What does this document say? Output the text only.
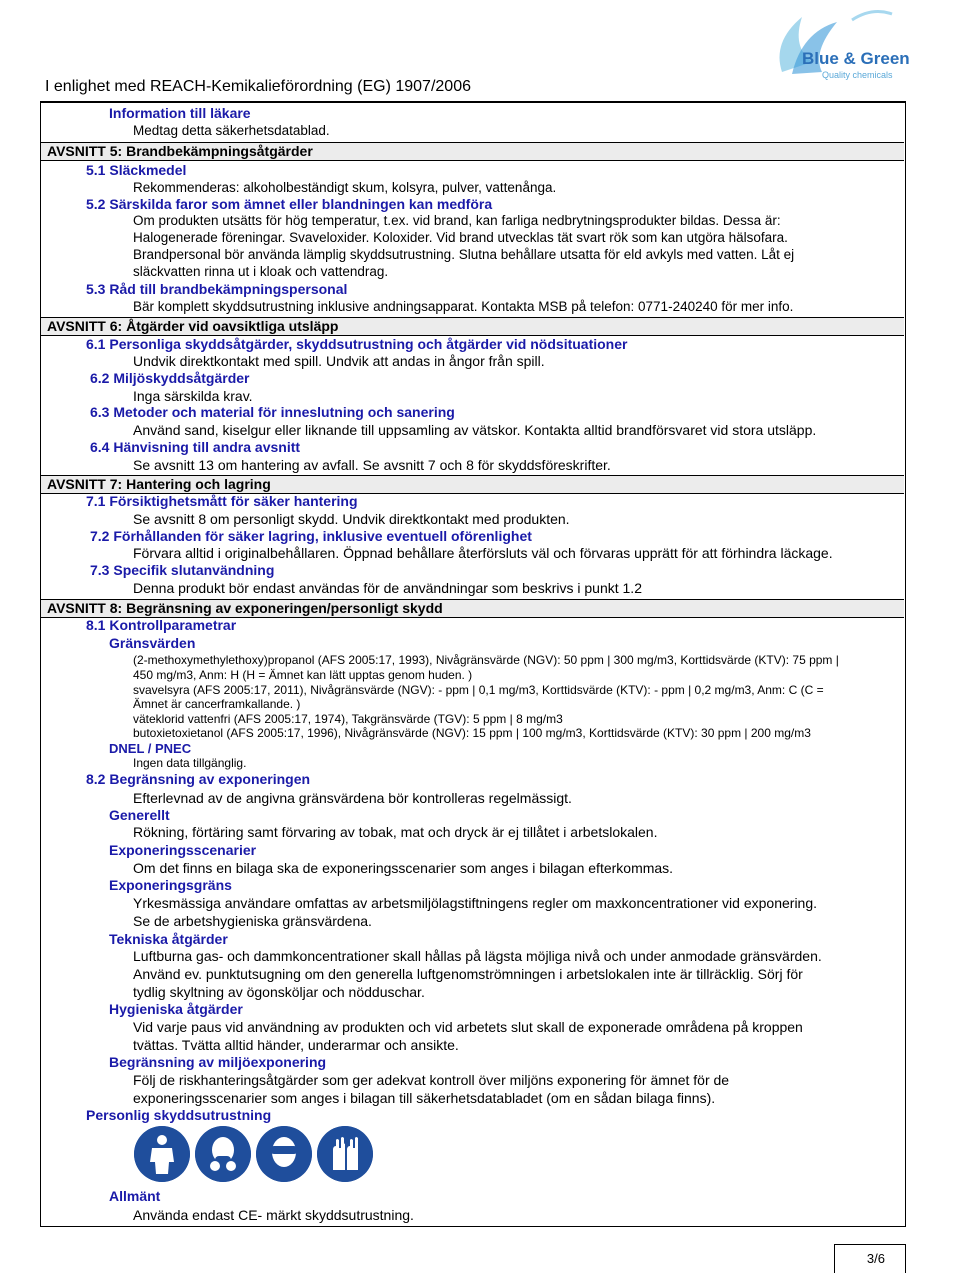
I enlighet med REACH-Kemikalieförordning (EG) 1907/2006
Blue & Green
Quality chemicals
Information till läkare
Medtag detta säkerhetsdatablad.
AVSNITT 5: Brandbekämpningsåtgärder
5.1 Släckmedel
Rekommenderas: alkoholbeständigt skum, kolsyra, pulver, vattenånga.
5.2 Särskilda faror som ämnet eller blandningen kan medföra
Om produkten utsätts för hög temperatur, t.ex. vid brand, kan farliga nedbrytningsprodukter bildas. Dessa är:
Halogenerade föreningar. Svaveloxider. Koloxider. Vid brand utvecklas tät svart rök som kan utgöra hälsofara.
Brandpersonal bör använda lämplig skyddsutrustning. Slutna behållare utsatta för eld avkyls med vatten. Låt ej
släckvatten rinna ut i kloak och vattendrag.
5.3 Råd till brandbekämpningspersonal
Bär komplett skyddsutrustning inklusive andningsapparat. Kontakta MSB på telefon: 0771-240240 för mer info.
AVSNITT 6: Åtgärder vid oavsiktliga utsläpp
6.1 Personliga skyddsåtgärder, skyddsutrustning och åtgärder vid nödsituationer
Undvik direktkontakt med spill. Undvik att andas in ångor från spill.
6.2 Miljöskyddsåtgärder
Inga särskilda krav.
6.3 Metoder och material för inneslutning och sanering
Använd sand, kiselgur eller liknande till uppsamling av vätskor. Kontakta alltid brandförsvaret vid stora utsläpp.
6.4 Hänvisning till andra avsnitt
Se avsnitt 13 om hantering av avfall. Se avsnitt 7 och 8 för skyddsföreskrifter.
AVSNITT 7: Hantering och lagring
7.1 Försiktighetsmått för säker hantering
Se avsnitt 8 om personligt skydd. Undvik direktkontakt med produkten.
7.2 Förhållanden för säker lagring, inklusive eventuell oförenlighet
Förvara alltid i originalbehållaren. Öppnad behållare återförsluts väl och förvaras upprätt för att förhindra läckage.
7.3 Specifik slutanvändning
Denna produkt bör endast användas för de användningar som beskrivs i punkt 1.2
AVSNITT 8: Begränsning av exponeringen/personligt skydd
8.1 Kontrollparametrar
Gränsvärden
(2-methoxymethylethoxy)propanol (AFS 2005:17, 1993), Nivågränsvärde (NGV): 50 ppm | 300 mg/m3, Korttidsvärde (KTV): 75 ppm |
450 mg/m3, Anm: H (H = Ämnet kan lätt upptas genom huden. )
svavelsyra (AFS 2005:17, 2011), Nivågränsvärde (NGV): - ppm | 0,1 mg/m3, Korttidsvärde (KTV): - ppm | 0,2 mg/m3, Anm: C (C =
Ämnet är cancerframkallande. )
väteklorid vattenfri (AFS 2005:17, 1974), Takgränsvärde (TGV): 5 ppm | 8 mg/m3
butoxietoxietanol (AFS 2005:17, 1996), Nivågränsvärde (NGV): 15 ppm | 100 mg/m3, Korttidsvärde (KTV): 30 ppm | 200 mg/m3
DNEL / PNEC
Ingen data tillgänglig.
8.2 Begränsning av exponeringen
Efterlevnad av de angivna gränsvärdena bör kontrolleras regelmässigt.
Generellt
Rökning, förtäring samt förvaring av tobak, mat och dryck är ej tillåtet i arbetslokalen.
Exponeringsscenarier
Om det finns en bilaga ska de exponeringsscenarier som anges i bilagan efterkommas.
Exponeringsgräns
Yrkesmässiga användare omfattas av arbetsmiljölagstiftningens regler om maxkoncentrationer vid exponering.
Se de arbetshygieniska gränsvärdena.
Tekniska åtgärder
Luftburna gas- och dammkoncentrationer skall hållas på lägsta möjliga nivå och under anmodade gränsvärden.
Använd ev. punktutsugning om den generella luftgenomströmningen i arbetslokalen inte är tillräcklig. Sörj för
tydlig skyltning av ögonsköljar och nödduschar.
Hygieniska åtgärder
Vid varje paus vid användning av produkten och vid arbetets slut skall de exponerade områdena på kroppen
tvättas. Tvätta alltid händer, underarmar och ansikte.
Begränsning av miljöexponering
Följ de riskhanteringsåtgärder som ger adekvat kontroll över miljöns exponering för ämnet för de
exponeringsscenarier som anges i bilagan till säkerhetsdatabladet (om en sådan bilaga finns).
Personlig skyddsutrustning
Allmänt
Använda endast CE- märkt skyddsutrustning.
3/6
